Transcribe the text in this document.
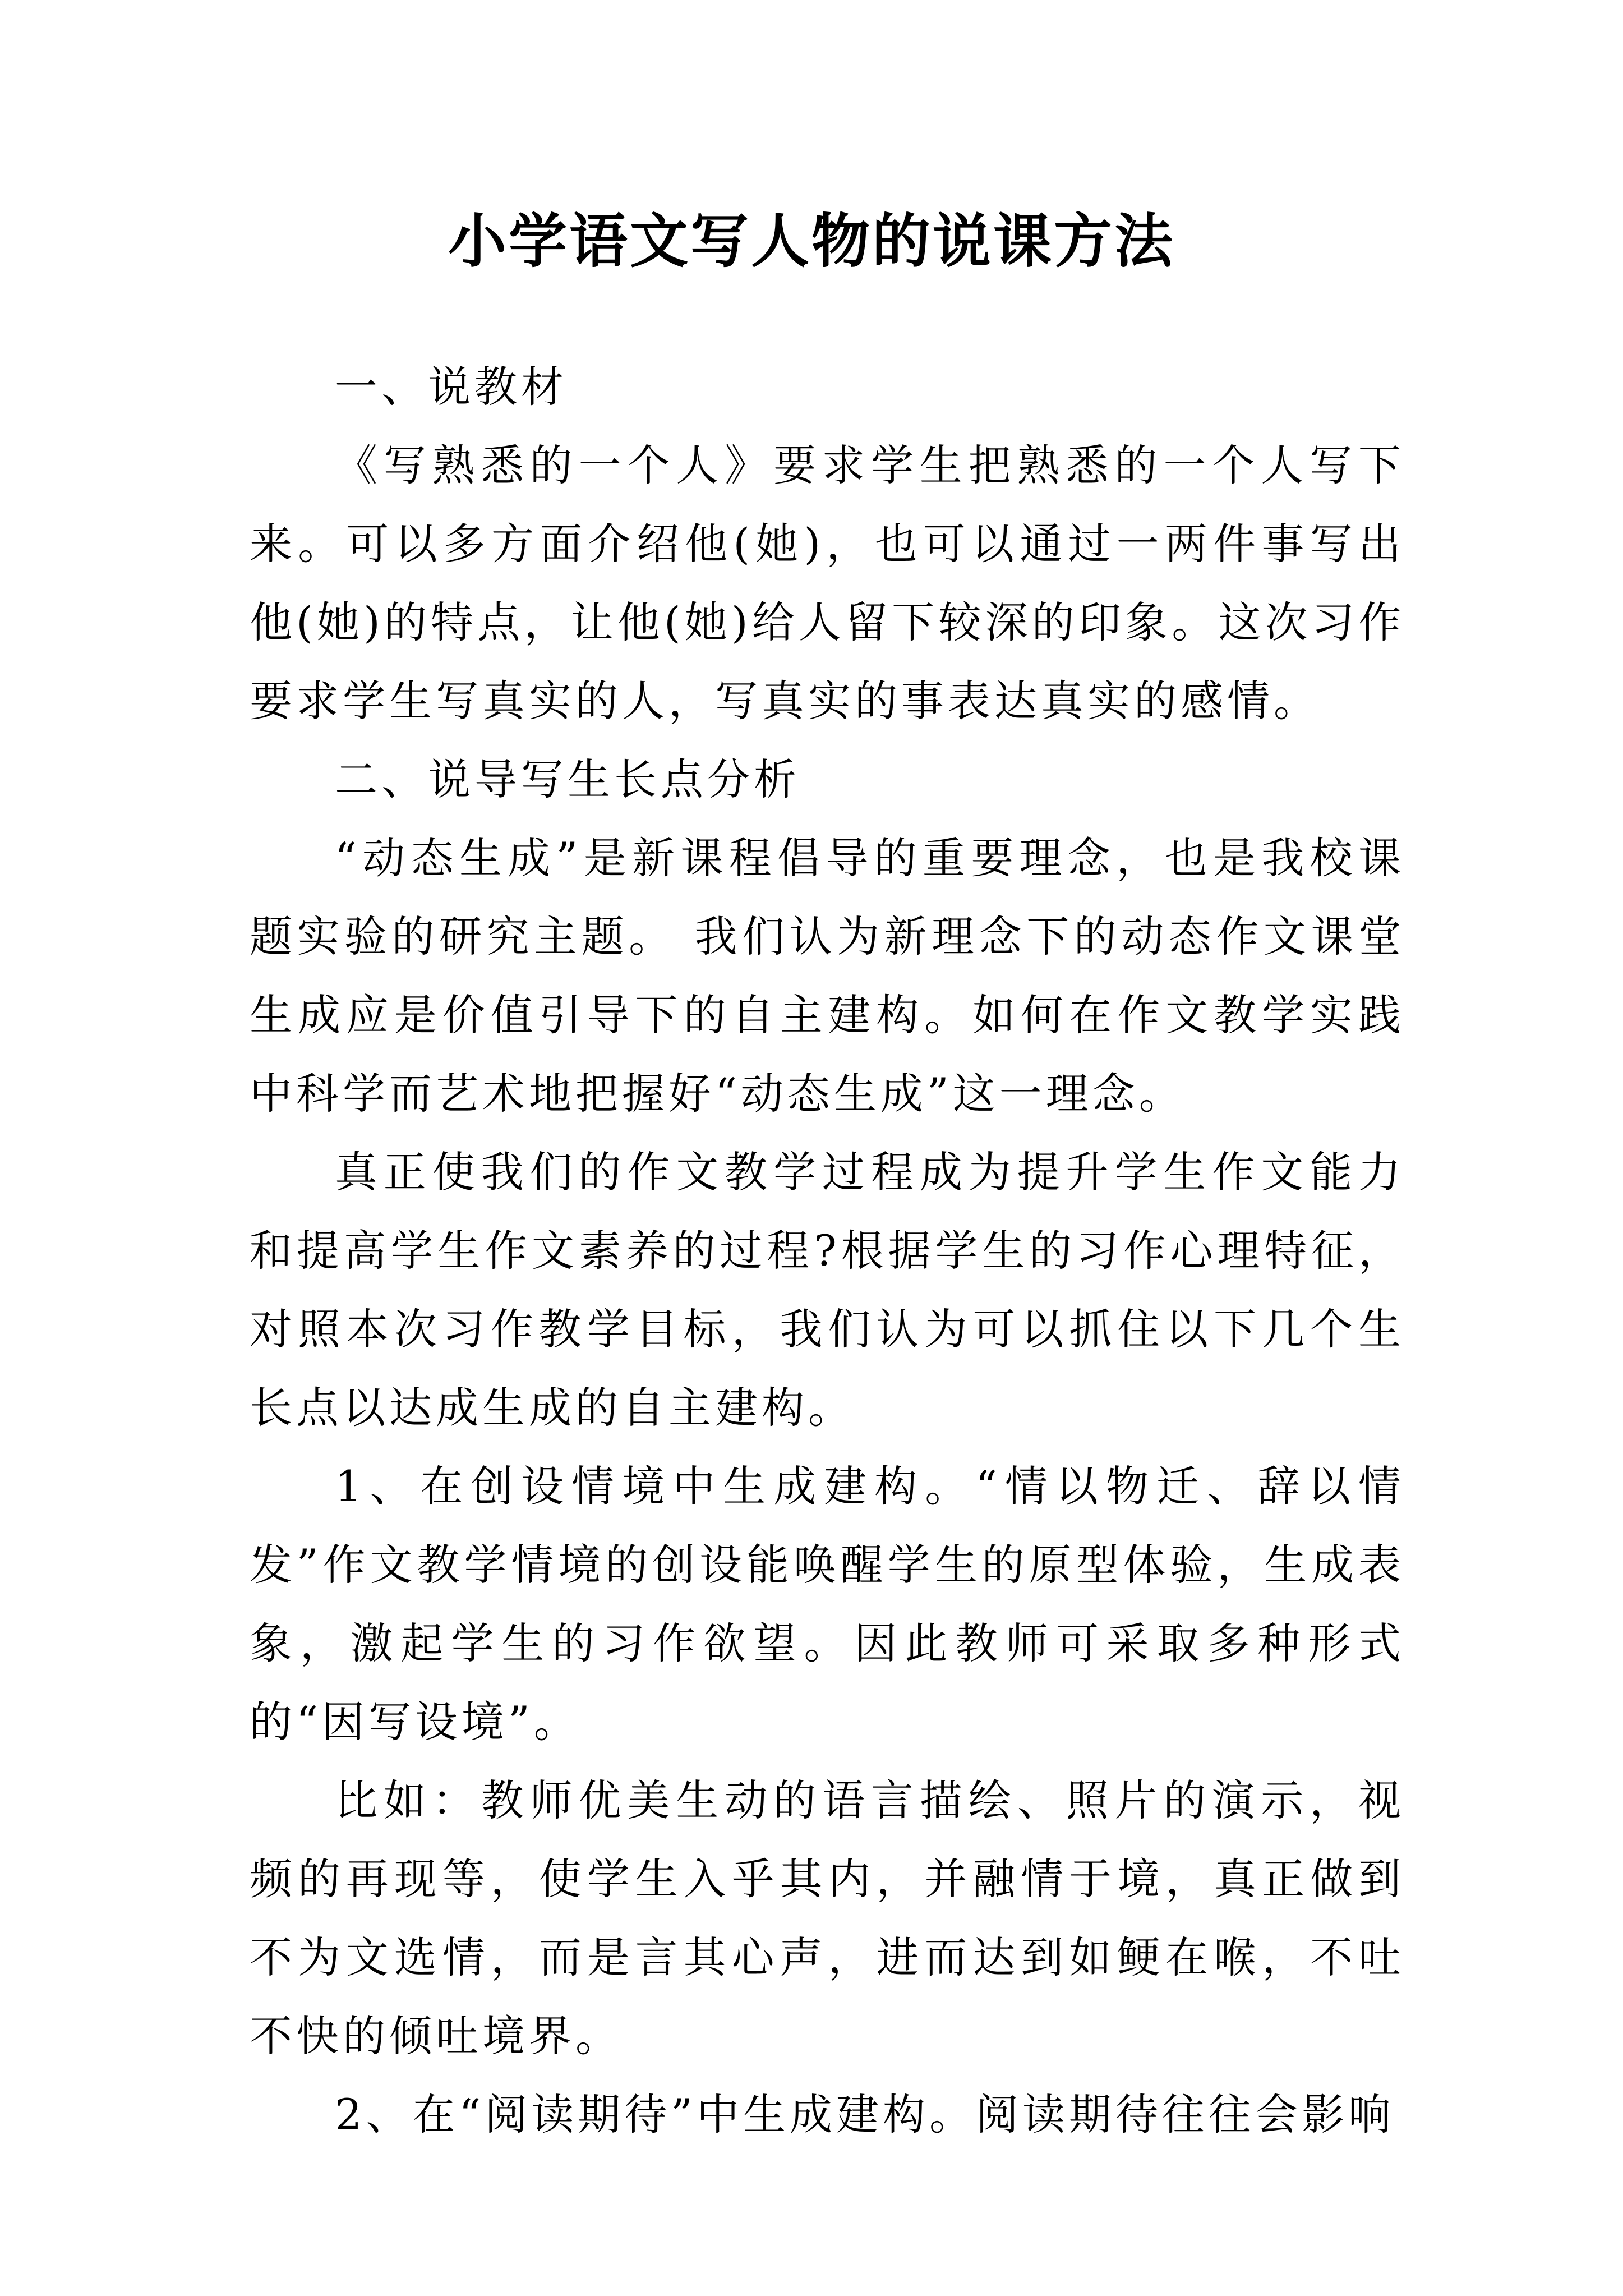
小学语文写人物的说课方法

一、说教材

《写熟悉的一个人》要求学生把熟悉的一个人写下来。可以多方面介绍他(她)，也可以通过一两件事写出他(她)的特点，让他(她)给人留下较深的印象。这次习作要求学生写真实的人，写真实的事表达真实的感情。

二、说导写生长点分析

“动态生成”是新课程倡导的重要理念，也是我校课题实验的研究主题。 我们认为新理念下的动态作文课堂生成应是价值引导下的自主建构。如何在作文教学实践中科学而艺术地把握好“动态生成”这一理念。

真正使我们的作文教学过程成为提升学生作文能力和提高学生作文素养的过程?根据学生的习作心理特征，对照本次习作教学目标，我们认为可以抓住以下几个生长点以达成生成的自主建构。

1、在创设情境中生成建构。“情以物迁、辞以情发”作文教学情境的创设能唤醒学生的原型体验，生成表象，激起学生的习作欲望。因此教师可采取多种形式的“因写设境”。

比如：教师优美生动的语言描绘、照片的演示，视频的再现等，使学生入乎其内，并融情于境，真正做到不为文选情，而是言其心声，进而达到如鲠在喉，不吐不快的倾吐境界。

2、在“阅读期待”中生成建构。阅读期待往往会影响
